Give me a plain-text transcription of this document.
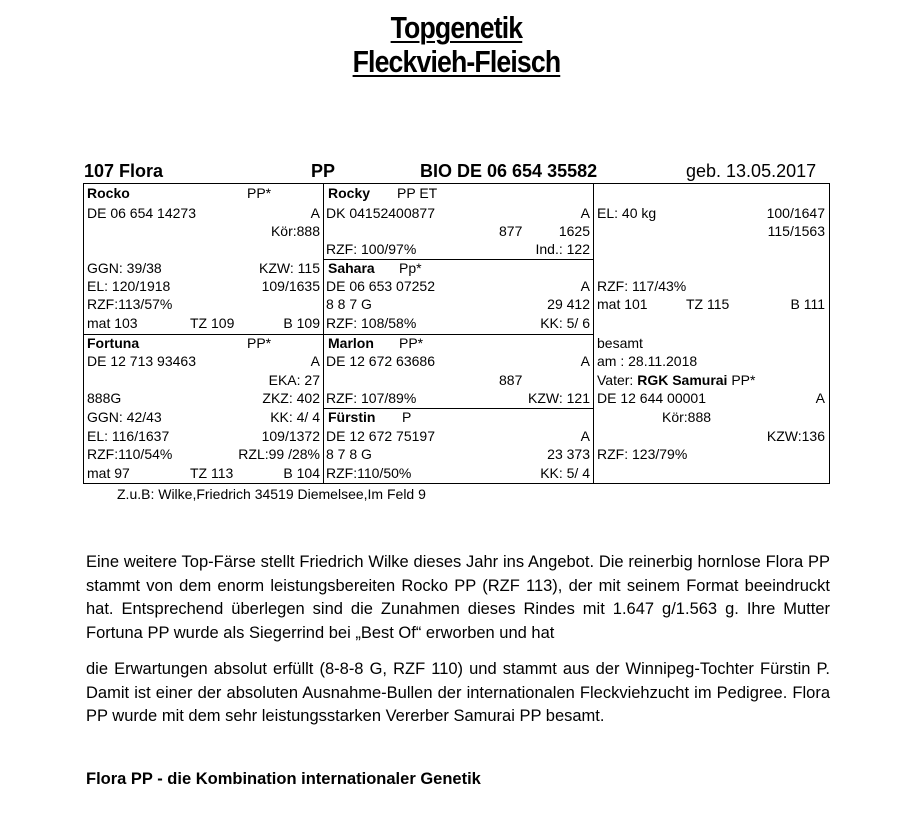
Topgenetik
Fleckvieh-Fleisch
107 Flora	PP	BIO DE 06 654 35582	geb. 13.05.2017
Rocko	PP*
DE 06 654 14273	A
Kör:888
GGN: 39/38	KZW: 115
EL: 120/1918	109/1635
RZF:113/57%
mat 103	TZ 109	B 109
Rocky PP ET
DK 04152400877	A
877	1625
RZF: 100/97%	Ind.: 122
Sahara Pp*
DE 06 653 07252	A
8 8 7 G	29 412
RZF: 108/58%	KK: 5/ 6
Fortuna	PP*
DE 12 713 93463	A
EKA: 27
888G	ZKZ: 402
GGN: 42/43	KK: 4/ 4
EL: 116/1637	109/1372
RZF:110/54%	RZL:99 /28%
mat 97	TZ 113	B 104
Marlon PP*
DE 12 672 63686	A
887
RZF: 107/89%	KZW: 121
Fürstin P
DE 12 672 75197	A
8 7 8 G	23 373
RZF:110/50%	KK: 5/ 4
EL: 40 kg	100/1647
115/1563
RZF: 117/43%
mat 101	TZ 115	B 111
besamt
am : 28.11.2018
Vater: RGK Samurai PP*
DE 12 644 00001	A
Kör:888
KZW:136
RZF: 123/79%
Z.u.B: Wilke,Friedrich 34519 Diemelsee,Im Feld 9
Eine weitere Top-Färse stellt Friedrich Wilke dieses Jahr ins Angebot. Die reinerbig hornlose Flora PP stammt von dem enorm leistungsbereiten Rocko PP (RZF 113), der mit seinem Format beeindruckt hat. Entsprechend überlegen sind die Zunahmen dieses Rindes mit 1.647 g/1.563 g. Ihre Mutter Fortuna PP wurde als Siegerrind bei „Best Of“ erworben und hat
die Erwartungen absolut erfüllt (8-8-8 G, RZF 110) und stammt aus der Winnipeg-Tochter Fürstin P. Damit ist einer der absoluten Ausnahme-Bullen der internationalen Fleckviehzucht im Pedigree. Flora PP wurde mit dem sehr leistungsstarken Vererber Samurai PP besamt.
Flora PP - die Kombination internationaler Genetik
